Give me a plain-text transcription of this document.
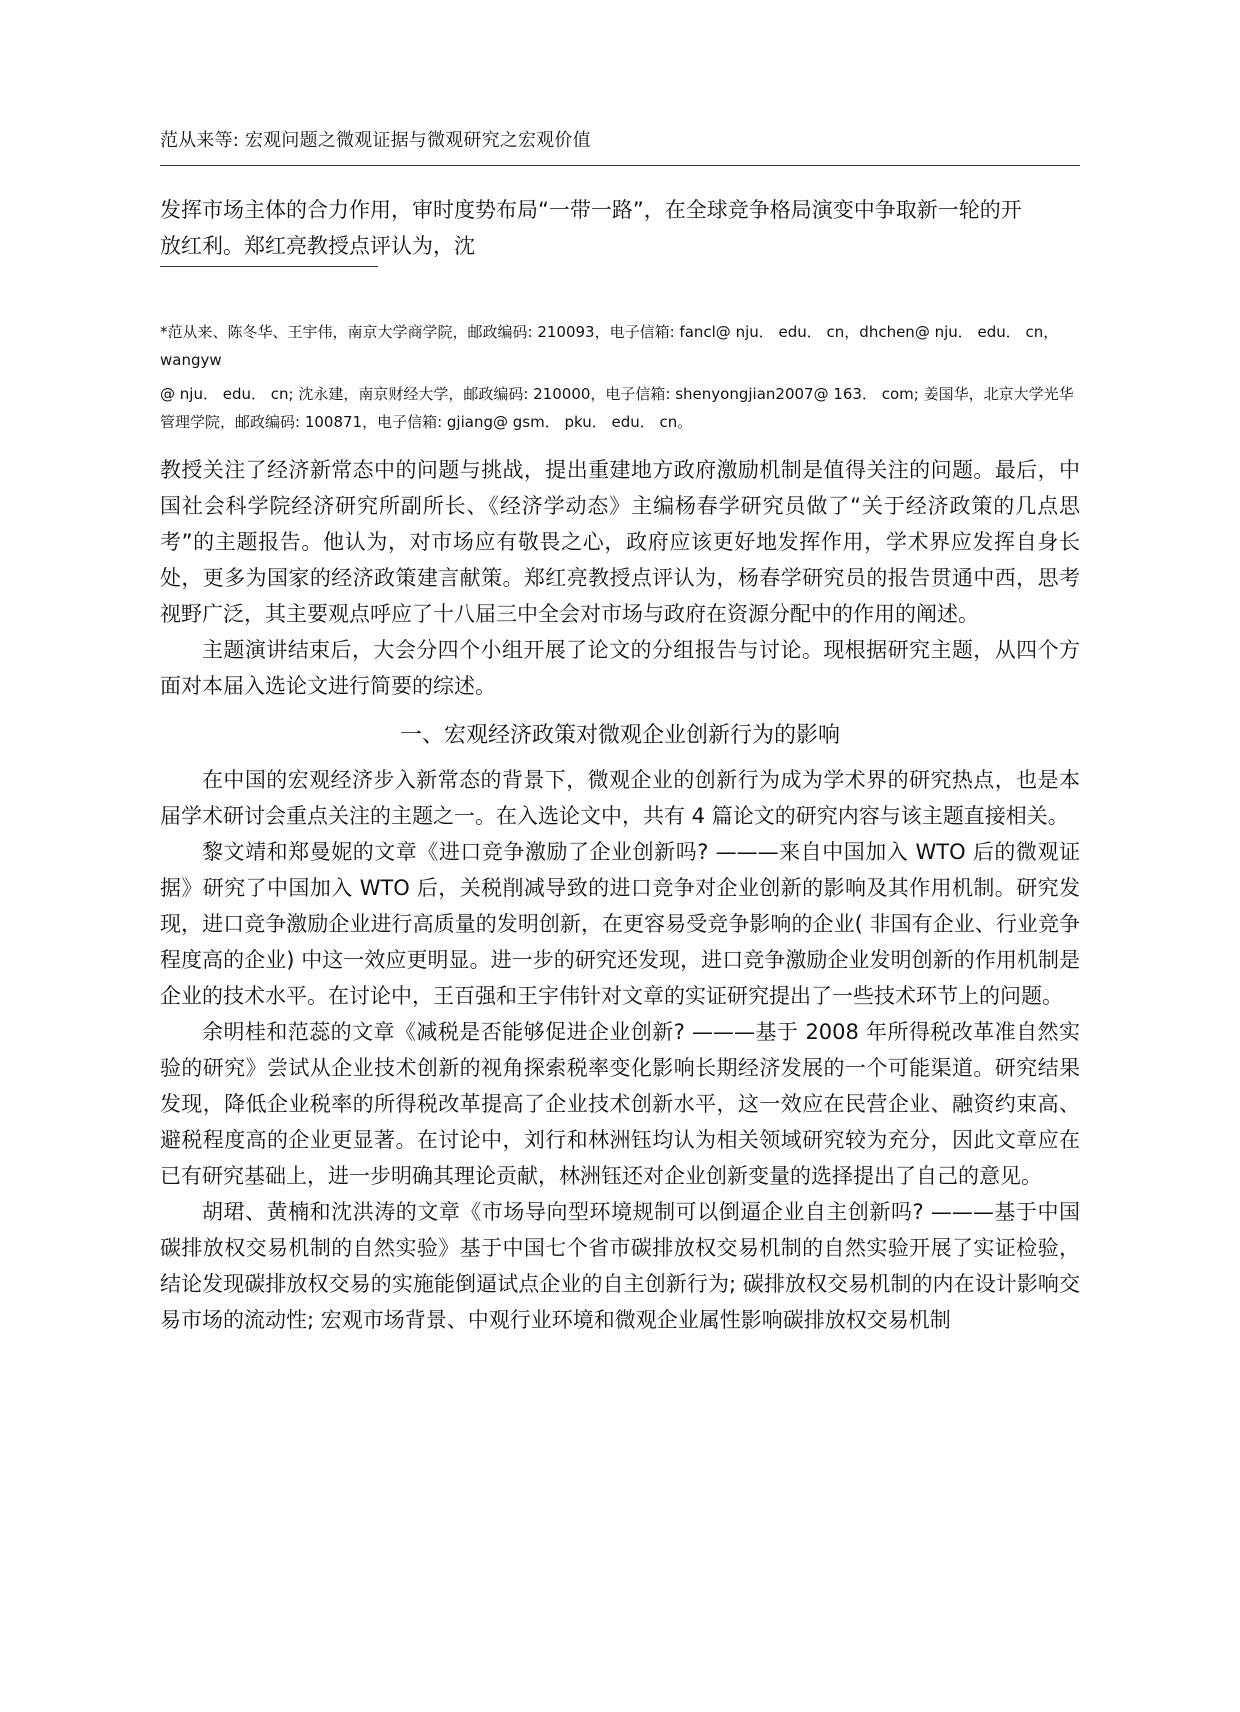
范从来等: 宏观问题之微观证据与微观研究之宏观价值

发挥市场主体的合力作用，审时度势布局“一带一路”，在全球竞争格局演变中争取新一轮的开

放红利。郑红亮教授点评认为，沈

*范从来、陈冬华、王宇伟，南京大学商学院，邮政编码: 210093，电子信箱: fancl@ nju． edu． cn，dhchen@ nju． edu． cn，wangyw

@ nju． edu． cn; 沈永建，南京财经大学，邮政编码: 210000，电子信箱: shenyongjian2007@ 163． com; 姜国华，北京大学光华管理学院，邮政编码: 100871，电子信箱: gjiang@ gsm． pku． edu． cn。

教授关注了经济新常态中的问题与挑战，提出重建地方政府激励机制是值得关注的问题。最后，中国社会科学院经济研究所副所长、《经济学动态》主编杨春学研究员做了“关于经济政策的几点思考”的主题报告。他认为，对市场应有敬畏之心，政府应该更好地发挥作用，学术界应发挥自身长处，更多为国家的经济政策建言献策。郑红亮教授点评认为，杨春学研究员的报告贯通中西，思考视野广泛，其主要观点呼应了十八届三中全会对市场与政府在资源分配中的作用的阐述。

主题演讲结束后，大会分四个小组开展了论文的分组报告与讨论。现根据研究主题，从四个方面对本届入选论文进行简要的综述。

一、宏观经济政策对微观企业创新行为的影响

在中国的宏观经济步入新常态的背景下，微观企业的创新行为成为学术界的研究热点，也是本届学术研讨会重点关注的主题之一。在入选论文中，共有 4 篇论文的研究内容与该主题直接相关。

黎文靖和郑曼妮的文章《进口竞争激励了企业创新吗? ———来自中国加入 WTO 后的微观证据》研究了中国加入 WTO 后，关税削减导致的进口竞争对企业创新的影响及其作用机制。研究发现，进口竞争激励企业进行高质量的发明创新，在更容易受竞争影响的企业( 非国有企业、行业竞争程度高的企业) 中这一效应更明显。进一步的研究还发现，进口竞争激励企业发明创新的作用机制是企业的技术水平。在讨论中，王百强和王宇伟针对文章的实证研究提出了一些技术环节上的问题。

余明桂和范蕊的文章《减税是否能够促进企业创新? ———基于 2008 年所得税改革准自然实验的研究》尝试从企业技术创新的视角探索税率变化影响长期经济发展的一个可能渠道。研究结果发现，降低企业税率的所得税改革提高了企业技术创新水平，这一效应在民营企业、融资约束高、避税程度高的企业更显著。在讨论中，刘行和林洲钰均认为相关领域研究较为充分，因此文章应在已有研究基础上，进一步明确其理论贡献，林洲钰还对企业创新变量的选择提出了自己的意见。

胡珺、黄楠和沈洪涛的文章《市场导向型环境规制可以倒逼企业自主创新吗? ———基于中国碳排放权交易机制的自然实验》基于中国七个省市碳排放权交易机制的自然实验开展了实证检验，结论发现碳排放权交易的实施能倒逼试点企业的自主创新行为; 碳排放权交易机制的内在设计影响交易市场的流动性; 宏观市场背景、中观行业环境和微观企业属性影响碳排放权交易机制
